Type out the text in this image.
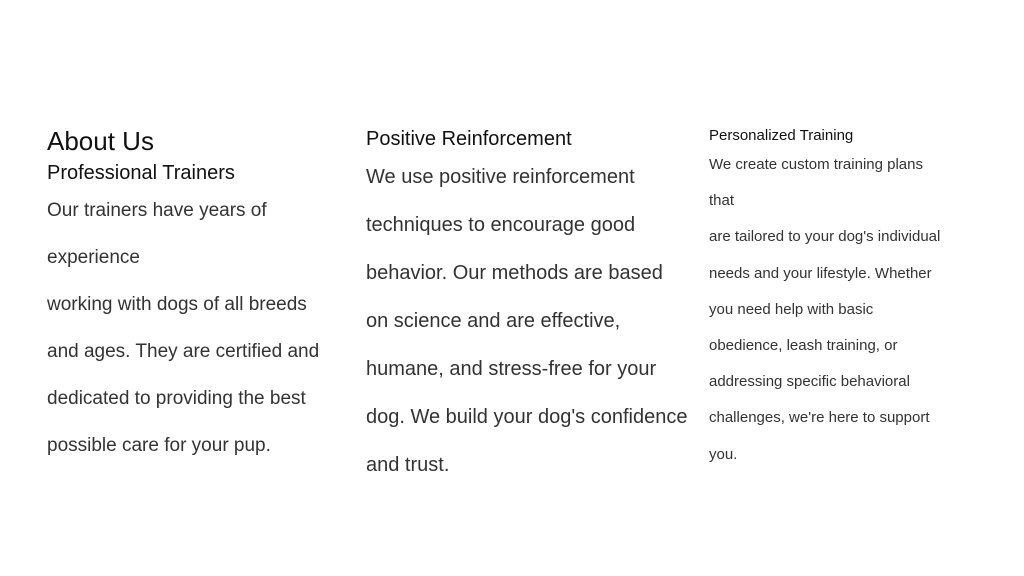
About Us
Professional Trainers

Our trainers have years of
experience
working with dogs of all breeds
and ages. They are certified and
dedicated to providing the best
possible care for your pup.

Positive Reinforcement

We use positive reinforcement
techniques to encourage good
behavior. Our methods are based
on science and are effective,
humane, and stress-free for your
dog. We build your dog's confidence
and trust.

Personalized Training

We create custom training plans
that
are tailored to your dog's individual
needs and your lifestyle. Whether
you need help with basic
obedience, leash training, or
addressing specific behavioral
challenges, we're here to support
you.
